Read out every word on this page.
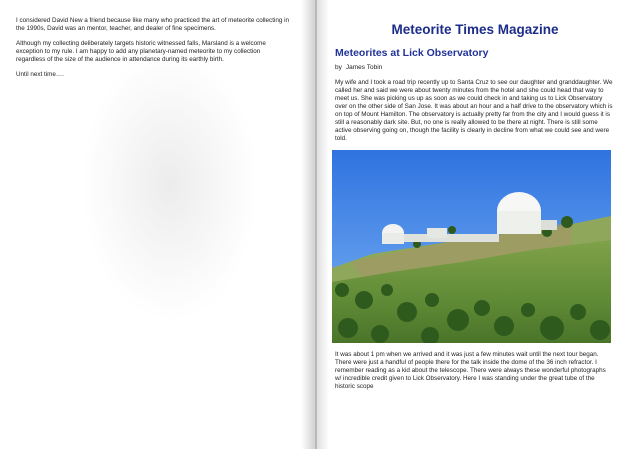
I considered David New a friend because like many who practiced the art of meteorite collecting in the 1990s, David was an mentor, teacher, and dealer of fine specimens.

Although my collecting deliberately targets historic witnessed falls, Marsland is a welcome exception to my rule. I am happy to add any planetary-named meteorite to my collection regardless of the size of the audience in attendance during its earthly birth.

Until next time….

Meteorite Times Magazine
Meteorites at Lick Observatory
by James Tobin

My wife and I took a road trip recently up to Santa Cruz to see our daughter and granddaughter. We called her and said we were about twenty minutes from the hotel and she could head that way to meet us. She was picking us up as soon as we could check in and taking us to Lick Observatory over on the other side of San Jose. It was about an hour and a half drive to the observatory which is on top of Mount Hamilton. The observatory is actually pretty far from the city and I would guess it is still a reasonably dark site. But, no one is really allowed to be there at night. There is still some active observing going on, though the facility is clearly in decline from what we could see and were told.

It was about 1 pm when we arrived and it was just a few minutes wait until the next tour began. There were just a handful of people there for the talk inside the dome of the 36 inch refractor. I remember reading as a kid about the telescope. There were always these wonderful photographs w/ incredible credit given to Lick Observatory. Here I was standing under the great tube of the historic scope
